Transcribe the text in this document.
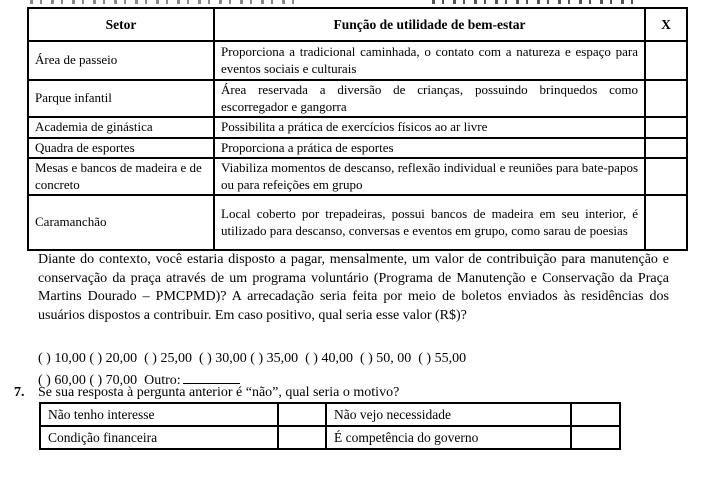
Setor	Função de utilidade de bem-estar	X
Área de passeio	Proporciona a tradicional caminhada, o contato com a natureza e espaço para eventos sociais e culturais	
Parque infantil	Área reservada a diversão de crianças, possuindo brinquedos como escorregador e gangorra	
Academia de ginástica	Possibilita a prática de exercícios físicos ao ar livre	
Quadra de esportes	Proporciona a prática de esportes	
Mesas e bancos de madeira e de concreto	Viabiliza momentos de descanso, reflexão individual e reuniões para bate-papos ou para refeições em grupo	
Caramanchão	Local coberto por trepadeiras, possui bancos de madeira em seu interior, é utilizado para descanso, conversas e eventos em grupo, como sarau de poesias	
Diante do contexto, você estaria disposto a pagar, mensalmente, um valor de contribuição para manutenção e conservação da praça através de um programa voluntário (Programa de Manutenção e Conservação da Praça Martins Dourado – PMCPMD)? A arrecadação seria feita por meio de boletos enviados às residências dos usuários dispostos a contribuir. Em caso positivo, qual seria esse valor (R$)?
( ) 10,00 ( ) 20,00  ( ) 25,00  ( ) 30,00 ( ) 35,00  ( ) 40,00  ( ) 50, 00  ( ) 55,00
( ) 60,00 ( ) 70,00  Outro:
7. Se sua resposta à pergunta anterior é “não”, qual seria o motivo?
Não tenho interesse		Não vejo necessidade	
Condição financeira		É competência do governo	
